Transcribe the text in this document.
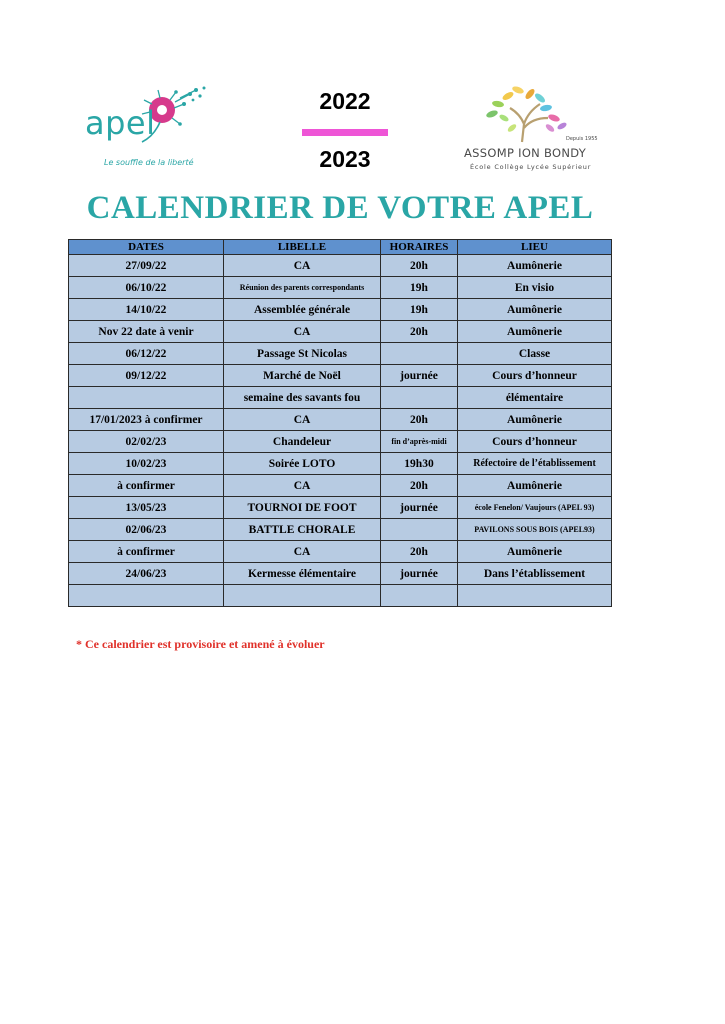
apel
Le souffle de la liberté
2022
2023
Depuis 1955
ASSOMP ION BONDY
École Collège Lycée Supérieur
CALENDRIER DE VOTRE APEL
DATES	LIBELLE	HORAIRES	LIEU
27/09/22	CA	20h	Aumônerie
06/10/22	Réunion des parents correspondants	19h	En visio
14/10/22	Assemblée générale	19h	Aumônerie
Nov 22 date à venir	CA	20h	Aumônerie
06/12/22	Passage St Nicolas		Classe
09/12/22	Marché de Noël	journée	Cours d’honneur
	semaine des savants fou		élémentaire
17/01/2023 à confirmer	CA	20h	Aumônerie
02/02/23	Chandeleur	fin d’après-midi	Cours d’honneur
10/02/23	Soirée LOTO	19h30	Réfectoire de l’établissement
à confirmer	CA	20h	Aumônerie
13/05/23	TOURNOI DE FOOT	journée	école Fenelon/ Vaujours (APEL 93)
02/06/23	BATTLE CHORALE		PAVILONS SOUS BOIS (APEL93)
à confirmer	CA	20h	Aumônerie
24/06/23	Kermesse élémentaire	journée	Dans l’établissement

* Ce calendrier est provisoire et amené à évoluer
